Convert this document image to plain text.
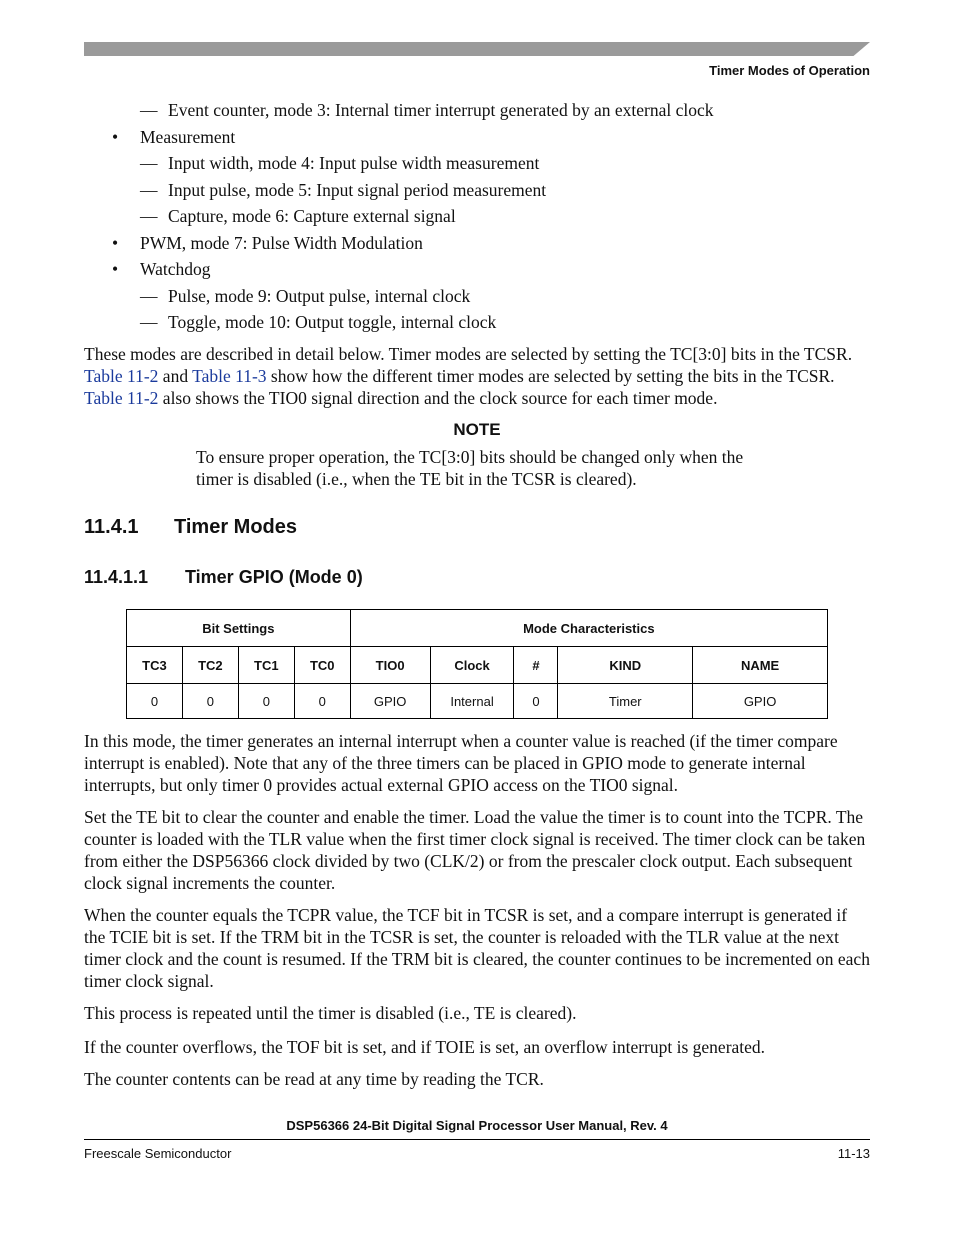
Timer Modes of Operation
— Event counter, mode 3: Internal timer interrupt generated by an external clock
• Measurement
— Input width, mode 4: Input pulse width measurement
— Input pulse, mode 5: Input signal period measurement
— Capture, mode 6: Capture external signal
• PWM, mode 7: Pulse Width Modulation
• Watchdog
— Pulse, mode 9: Output pulse, internal clock
— Toggle, mode 10: Output toggle, internal clock

These modes are described in detail below. Timer modes are selected by setting the TC[3:0] bits in the TCSR. Table 11-2 and Table 11-3 show how the different timer modes are selected by setting the bits in the TCSR. Table 11-2 also shows the TIO0 signal direction and the clock source for each timer mode.

NOTE
To ensure proper operation, the TC[3:0] bits should be changed only when the timer is disabled (i.e., when the TE bit in the TCSR is cleared).
11.4.1 Timer Modes
11.4.1.1 Timer GPIO (Mode 0)
Bit Settings				Mode Characteristics				
TC3	TC2	TC1	TC0	TIO0	Clock	#	KIND	NAME
0	0	0	0	GPIO	Internal	0	Timer	GPIO

In this mode, the timer generates an internal interrupt when a counter value is reached (if the timer compare interrupt is enabled). Note that any of the three timers can be placed in GPIO mode to generate internal interrupts, but only timer 0 provides actual external GPIO access on the TIO0 signal.

Set the TE bit to clear the counter and enable the timer. Load the value the timer is to count into the TCPR. The counter is loaded with the TLR value when the first timer clock signal is received. The timer clock can be taken from either the DSP56366 clock divided by two (CLK/2) or from the prescaler clock output. Each subsequent clock signal increments the counter.

When the counter equals the TCPR value, the TCF bit in TCSR is set, and a compare interrupt is generated if the TCIE bit is set. If the TRM bit in the TCSR is set, the counter is reloaded with the TLR value at the next timer clock and the count is resumed. If the TRM bit is cleared, the counter continues to be incremented on each timer clock signal.

This process is repeated until the timer is disabled (i.e., TE is cleared).

If the counter overflows, the TOF bit is set, and if TOIE is set, an overflow interrupt is generated.

The counter contents can be read at any time by reading the TCR.

DSP56366 24-Bit Digital Signal Processor User Manual, Rev. 4
Freescale Semiconductor	11-13
